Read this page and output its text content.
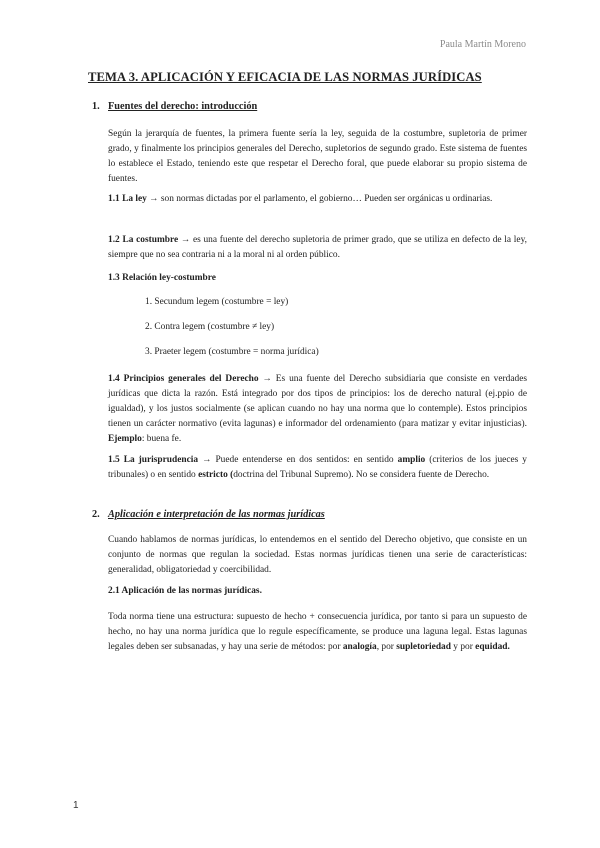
Paula Martín Moreno
TEMA 3. APLICACIÓN Y EFICACIA DE LAS NORMAS JURÍDICAS
1. Fuentes del derecho: introducción

Según la jerarquía de fuentes, la primera fuente sería la ley, seguida de la costumbre, supletoria de primer grado, y finalmente los principios generales del Derecho, supletorios de segundo grado. Este sistema de fuentes lo establece el Estado, teniendo este que respetar el Derecho foral, que puede elaborar su propio sistema de fuentes.

1.1 La ley → son normas dictadas por el parlamento, el gobierno… Pueden ser orgánicas u ordinarias.

1.2 La costumbre → es una fuente del derecho supletoria de primer grado, que se utiliza en defecto de la ley, siempre que no sea contraria ni a la moral ni al orden público.

1.3 Relación ley-costumbre
1. Secundum legem (costumbre = ley)
2. Contra legem (costumbre ≠ ley)
3. Praeter legem (costumbre = norma jurídica)

1.4 Principios generales del Derecho → Es una fuente del Derecho subsidiaria que consiste en verdades jurídicas que dicta la razón. Está integrado por dos tipos de principios: los de derecho natural (ej.ppio de igualdad), y los justos socialmente (se aplican cuando no hay una norma que lo contemple). Estos principios tienen un carácter normativo (evita lagunas) e informador del ordenamiento (para matizar y evitar injusticias). Ejemplo: buena fe.

1.5 La jurisprudencia → Puede entenderse en dos sentidos: en sentido amplio (criterios de los jueces y tribunales) o en sentido estricto (doctrina del Tribunal Supremo). No se considera fuente de Derecho.

2. Aplicación e interpretación de las normas jurídicas

Cuando hablamos de normas jurídicas, lo entendemos en el sentido del Derecho objetivo, que consiste en un conjunto de normas que regulan la sociedad. Estas normas jurídicas tienen una serie de características: generalidad, obligatoriedad y coercibilidad.

2.1 Aplicación de las normas jurídicas.

Toda norma tiene una estructura: supuesto de hecho + consecuencia jurídica, por tanto si para un supuesto de hecho, no hay una norma jurídica que lo regule específicamente, se produce una laguna legal. Estas lagunas legales deben ser subsanadas, y hay una serie de métodos: por analogía, por supletoriedad y por equidad.

1
